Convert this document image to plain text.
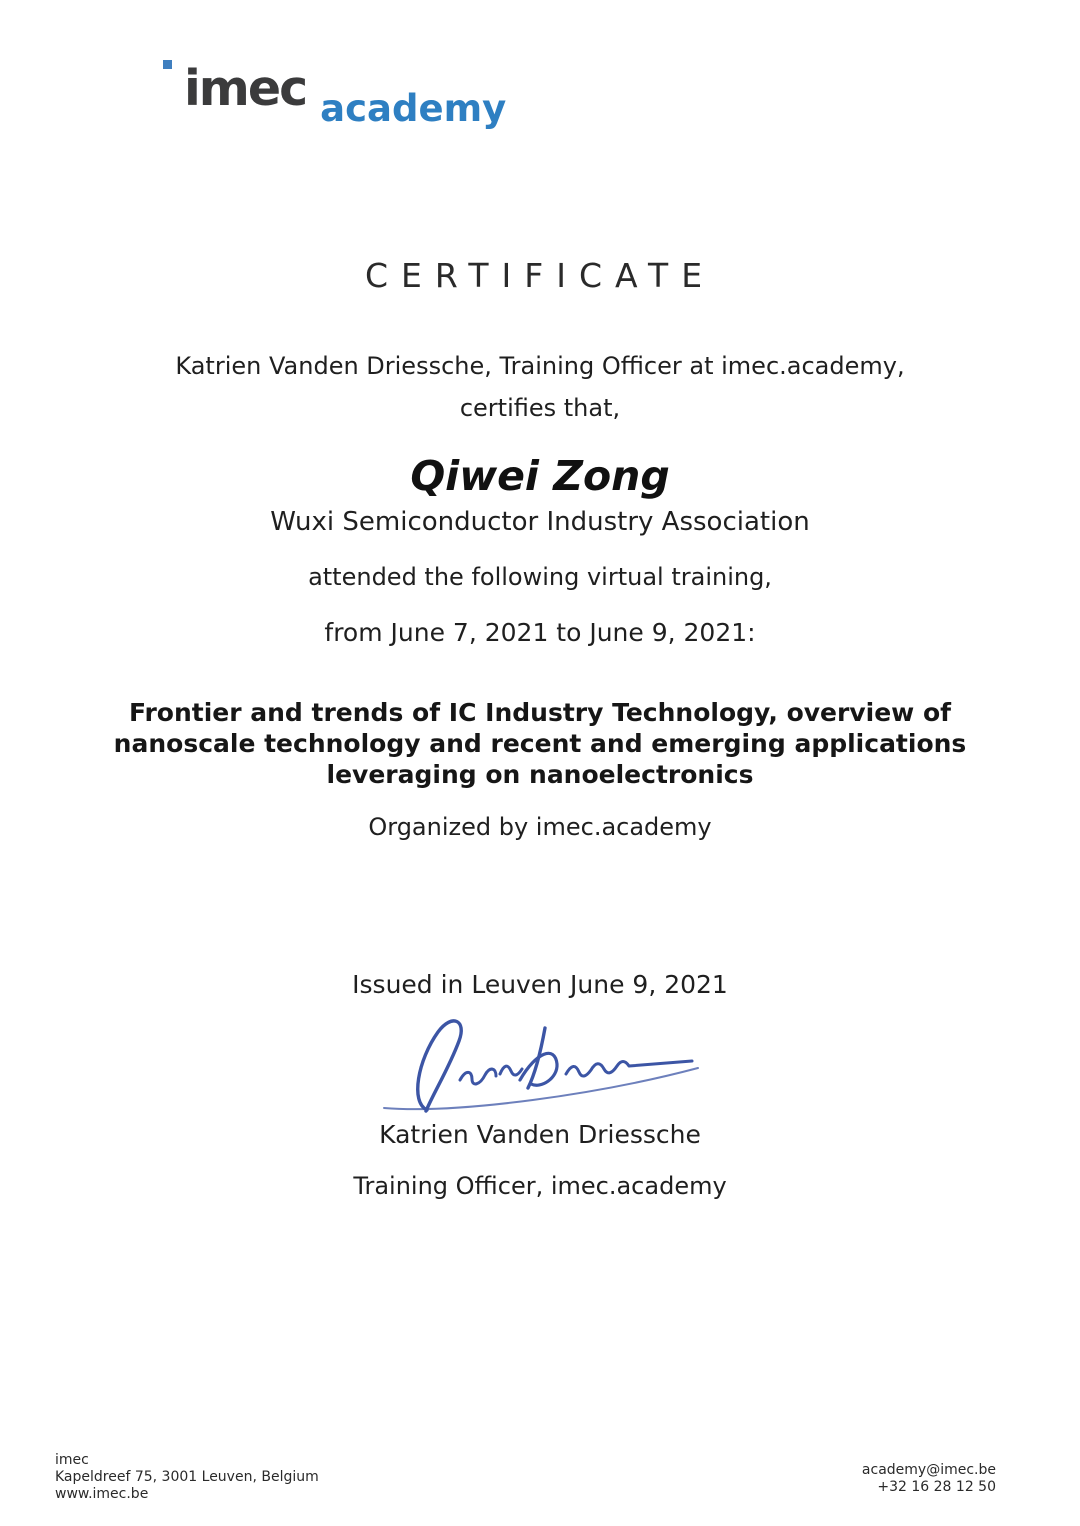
imec academy
CERTIFICATE

Katrien Vanden Driessche, Training Officer at imec.academy,

certifies that,

Qiwei Zong

Wuxi Semiconductor Industry Association

attended the following virtual training,

from June 7, 2021 to June 9, 2021:

Frontier and trends of IC Industry Technology, overview of nanoscale technology and recent and emerging applications leveraging on nanoelectronics

Organized by imec.academy

Issued in Leuven June 9, 2021

Katrien Vanden Driessche

Training Officer, imec.academy

imec
Kapeldreef 75, 3001 Leuven, Belgium
www.imec.be
academy@imec.be
+32 16 28 12 50
